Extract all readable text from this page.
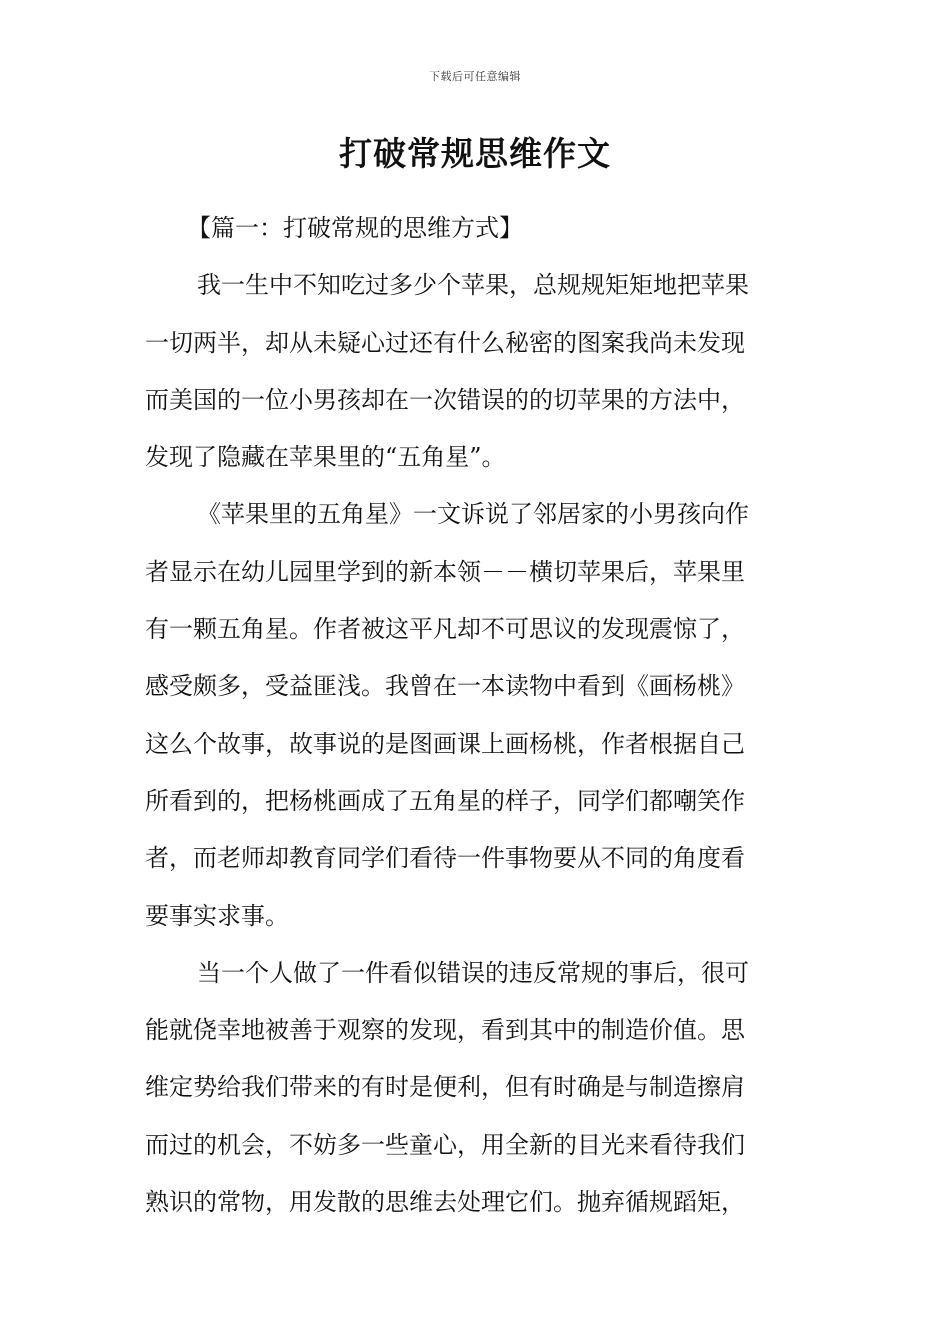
下载后可任意编辑
打破常规思维作文
【篇一：打破常规的思维方式】
我一生中不知吃过多少个苹果，总规规矩矩地把苹果
一切两半，却从未疑心过还有什么秘密的图案我尚未发现
而美国的一位小男孩却在一次错误的的切苹果的方法中，
发现了隐藏在苹果里的“五角星”。
《苹果里的五角星》一文诉说了邻居家的小男孩向作
者显示在幼儿园里学到的新本领－－横切苹果后，苹果里
有一颗五角星。作者被这平凡却不可思议的发现震惊了，
感受颇多，受益匪浅。我曾在一本读物中看到《画杨桃》
这么个故事，故事说的是图画课上画杨桃，作者根据自己
所看到的，把杨桃画成了五角星的样子，同学们都嘲笑作
者，而老师却教育同学们看待一件事物要从不同的角度看
要事实求事。
当一个人做了一件看似错误的违反常规的事后，很可
能就侥幸地被善于观察的发现，看到其中的制造价值。思
维定势给我们带来的有时是便利，但有时确是与制造擦肩
而过的机会，不妨多一些童心，用全新的目光来看待我们
熟识的常物，用发散的思维去处理它们。抛弃循规蹈矩，
